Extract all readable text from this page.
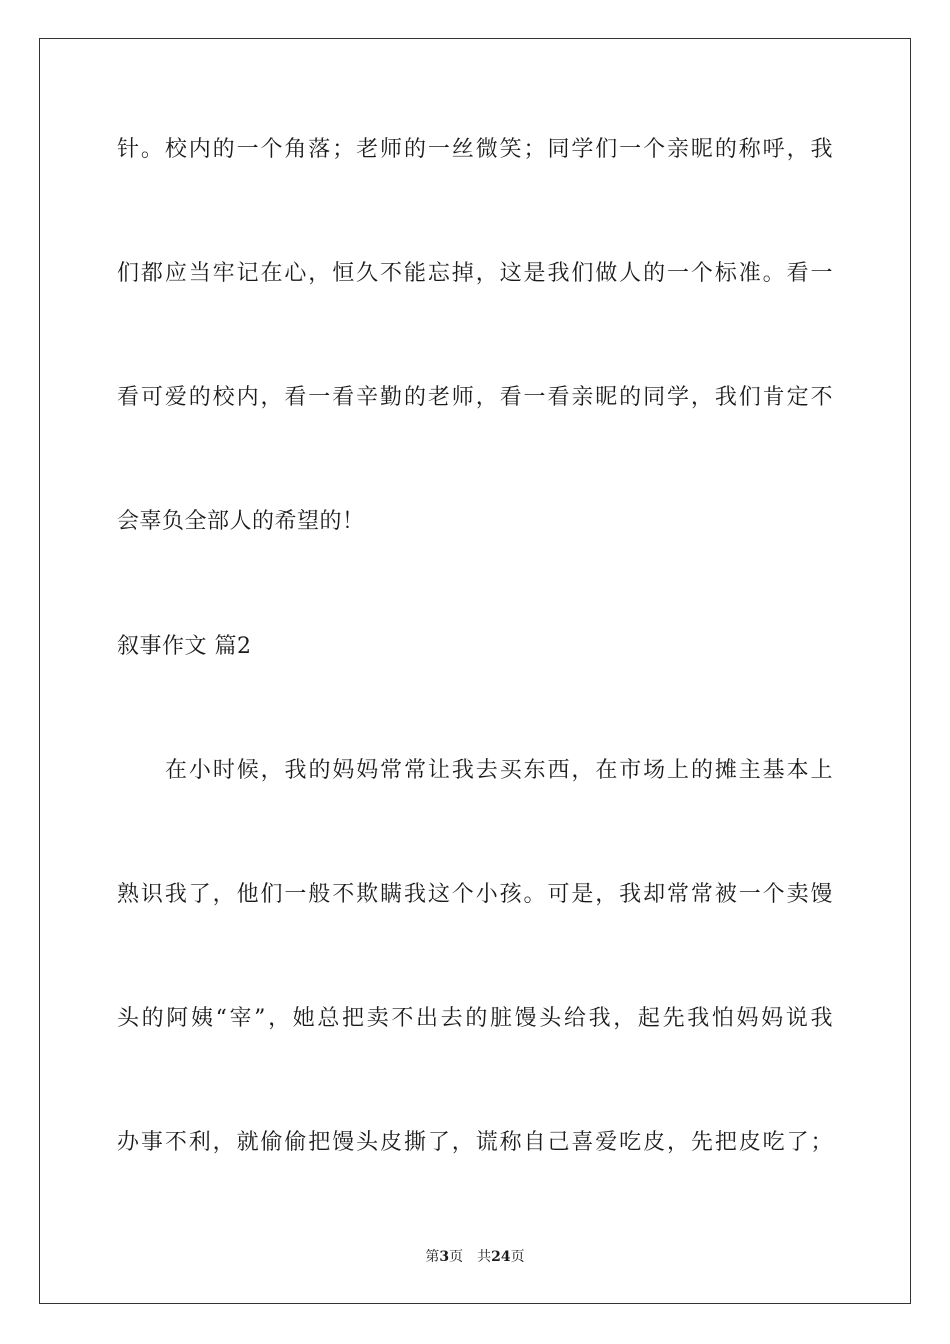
针。校内的一个角落；老师的一丝微笑；同学们一个亲昵的称呼，我
们都应当牢记在心，恒久不能忘掉，这是我们做人的一个标准。看一
看可爱的校内，看一看辛勤的老师，看一看亲昵的同学，我们肯定不
会辜负全部人的希望的！
叙事作文 篇2
在小时候，我的妈妈常常让我去买东西，在市场上的摊主基本上
熟识我了，他们一般不欺瞒我这个小孩。可是，我却常常被一个卖馒
头的阿姨“宰”，她总把卖不出去的脏馒头给我，起先我怕妈妈说我
办事不利，就偷偷把馒头皮撕了，谎称自己喜爱吃皮，先把皮吃了；
第3页 共24页
